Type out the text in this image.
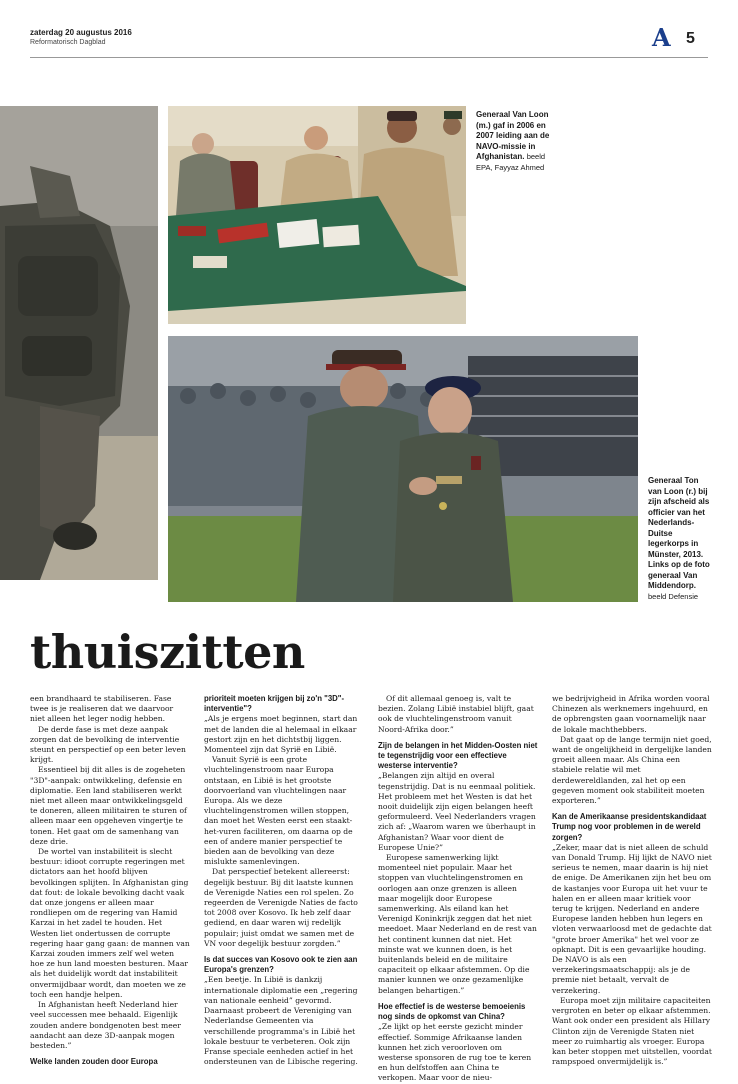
zaterdag 20 augustus 2016
Reformatorisch Dagblad	A 5
Generaal Van Loon (m.) gaf in 2006 en 2007 leiding aan de NAVO-missie in Afghanistan. beeld EPA, Fayyaz Ahmed
Generaal Ton van Loon (r.) bij zijn afscheid als officier van het Nederlands-Duitse legerkorps in Münster, 2013. Links op de foto generaal Van Middendorp. beeld Defensie
thuiszitten

een brandhaard te stabiliseren. Fase twee is je realiseren dat we daarvoor niet alleen het leger nodig hebben.

De derde fase is met deze aanpak zorgen dat de bevolking de interventie steunt en perspectief op een beter leven krijgt.

Essentieel bij dit alles is de zogeheten "3D"-aanpak: ontwikkeling, defensie en diplomatie. Een land stabiliseren werkt niet met alleen maar ontwikkelingsgeld te doneren, alleen militairen te sturen of alleen maar een opgeheven vingertje te tonen. Het gaat om de samenhang van deze drie.

De wortel van instabiliteit is slecht bestuur: idioot corrupte regeringen met dictators aan het hoofd blijven bevolkingen splijten. In Afghanistan ging dat fout: de lokale bevolking dacht vaak dat onze jongens er alleen maar rondliepen om de regering van Hamid Karzai in het zadel te houden. Het Westen liet ondertussen de corrupte regering haar gang gaan: de mannen van Karzai zouden immers zelf wel weten hoe ze hun land moesten besturen. Maar als het duidelijk wordt dat instabiliteit onvermijdbaar wordt, dan moeten we ze toch een handje helpen.

In Afghanistan heeft Nederland hier veel successen mee behaald. Eigenlijk zouden andere bondgenoten best meer aandacht aan deze 3D-aanpak mogen besteden.”

Welke landen zouden door Europa

prioriteit moeten krijgen bij zo'n "3D"-interventie"?

„Als je ergens moet beginnen, start dan met de landen die al helemaal in elkaar gestort zijn en het dichtstbij liggen. Momenteel zijn dat Syrië en Libië.

Vanuit Syrië is een grote vluchtelingenstroom naar Europa ontstaan, en Libië is het grootste doorvoerland van vluchtelingen naar Europa. Als we deze vluchtelingenstromen willen stoppen, dan moet het Westen eerst een staakt-het-vuren faciliteren, om daarna op de een of andere manier perspectief te bieden aan de bevolking van deze mislukte samenlevingen.

Dat perspectief betekent allereerst: degelijk bestuur. Bij dit laatste kunnen de Verenigde Naties een rol spelen. Zo regeerden de Verenigde Naties de facto tot 2008 over Kosovo. Ik heb zelf daar gediend, en daar waren wij redelijk populair; juist omdat we samen met de VN voor degelijk bestuur zorgden.”

Is dat succes van Kosovo ook te zien aan Europa's grenzen?

„Een beetje. In Libië is dankzij internationale diplomatie een „regering van nationale eenheid” gevormd. Daarnaast probeert de Vereniging van Nederlandse Gemeenten via verschillende programma's in Libië het lokale bestuur te verbeteren. Ook zijn Franse speciale eenheden actief in het ondersteunen van de Libische regering.

Of dit allemaal genoeg is, valt te bezien. Zolang Libië instabiel blijft, gaat ook de vluchtelingenstroom vanuit Noord-Afrika door.”

Zijn de belangen in het Midden-Oosten niet te tegenstrijdig voor een effectieve westerse interventie?

„Belangen zijn altijd en overal tegenstrijdig. Dat is nu eenmaal politiek. Het probleem met het Westen is dat het nooit duidelijk zijn eigen belangen heeft geformuleerd. Veel Nederlanders vragen zich af: „Waarom waren we überhaupt in Afghanistan? Waar voor dient de Europese Unie?”

Europese samenwerking lijkt momenteel niet populair. Maar het stoppen van vluchtelingenstromen en oorlogen aan onze grenzen is alleen maar mogelijk door Europese samenwerking. Als eiland kan het Verenigd Koninkrijk zeggen dat het niet meedoet. Maar Nederland en de rest van het continent kunnen dat niet. Het minste wat we kunnen doen, is het buitenlands beleid en de militaire capaciteit op elkaar afstemmen. Op die manier kunnen we onze gezamenlijke belangen behartigen.”

Hoe effectief is de westerse bemoeienis nog sinds de opkomst van China?

„Ze lijkt op het eerste gezicht minder effectief. Sommige Afrikaanse landen kunnen het zich veroorloven om westerse sponsoren de rug toe te keren en hun delfstoffen aan China te verkopen. Maar voor de nieu-

we bedrijvigheid in Afrika worden vooral Chinezen als werknemers ingehuurd, en de opbrengsten gaan voornamelijk naar de lokale machthebbers.

Dat gaat op de lange termijn niet goed, want de ongelijkheid in dergelijke landen groeit alleen maar. Als China een stabiele relatie wil met derdewereldlanden, zal het op een gegeven moment ook stabiliteit moeten exporteren.”

Kan de Amerikaanse presidentskandidaat Trump nog voor problemen in de wereld zorgen?

„Zeker, maar dat is niet alleen de schuld van Donald Trump. Hij lijkt de NAVO niet serieus te nemen, maar daarin is hij niet de enige. De Amerikanen zijn het beu om de kastanjes voor Europa uit het vuur te halen en er alleen maar kritiek voor terug te krijgen. Nederland en andere Europese landen hebben hun legers en vloten verwaarloosd met de gedachte dat "grote broer Amerika" het wel voor ze opknapt. Dit is een gevaarlijke houding. De NAVO is als een verzekeringsmaatschappij: als je de premie niet betaalt, vervalt de verzekering.

Europa moet zijn militaire capaciteiten vergroten en beter op elkaar afstemmen. Want ook onder een president als Hillary Clinton zijn de Verenigde Staten niet meer zo ruimhartig als vroeger. Europa kan beter stoppen met uitstellen, voordat rampspoed onvermijdelijk is.”
